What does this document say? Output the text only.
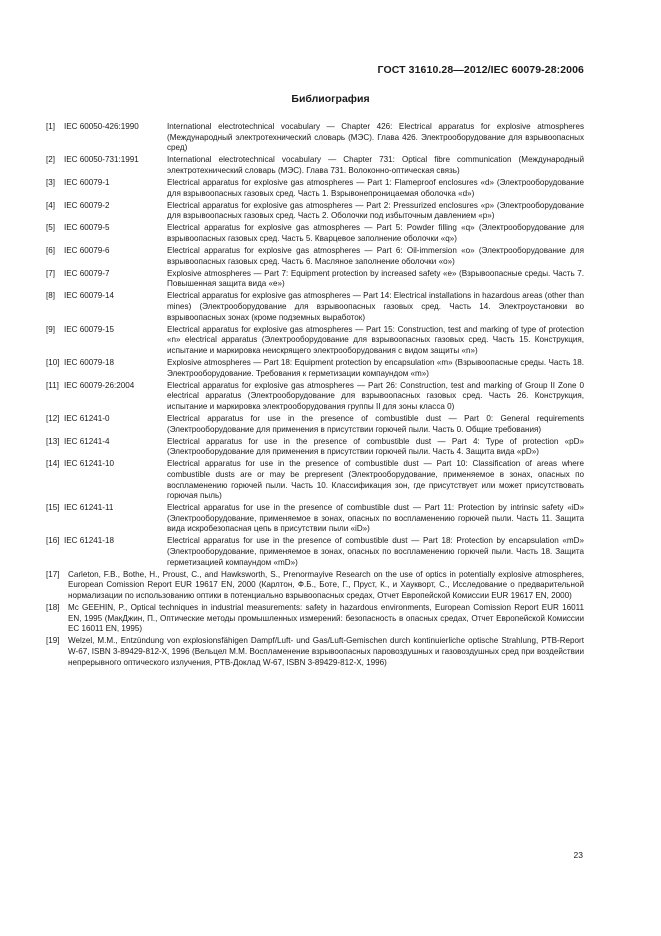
ГОСТ 31610.28—2012/IEC 60079-28:2006
Библиография
[1] IEC 60050-426:1990	International electrotechnical vocabulary — Chapter 426: Electrical apparatus for explosive atmospheres (Международный электротехнический словарь (МЭС). Глава 426. Электрооборудование для взрывоопасных сред)
[2] IEC 60050-731:1991	International electrotechnical vocabulary — Chapter 731: Optical fibre communication (Международный электротехнический словарь (МЭС). Глава 731. Волоконно-оптическая связь)
[3] IEC 60079-1	Electrical apparatus for explosive gas atmospheres — Part 1: Flameproof enclosures «d» (Электрооборудование для взрывоопасных газовых сред. Часть 1. Взрывонепроницаемая оболочка «d»)
[4] IEC 60079-2	Electrical apparatus for explosive gas atmospheres — Part 2: Pressurized enclosures «p» (Электрооборудование для взрывоопасных газовых сред. Часть 2. Оболочки под избыточным давлением «p»)
[5] IEC 60079-5	Electrical apparatus for explosive gas atmospheres — Part 5: Powder filling «q» (Электрооборудование для взрывоопасных газовых сред. Часть 5. Кварцевое заполнение оболочки «q»)
[6] IEC 60079-6	Electrical apparatus for explosive gas atmospheres — Part 6: Oil-immersion «o» (Электрооборудование для взрывоопасных газовых сред. Часть 6. Масляное заполнение оболочки «o»)
[7] IEC 60079-7	Explosive atmospheres — Part 7: Equipment protection by increased safety «e» (Взрывоопасные среды. Часть 7. Повышенная защита вида «e»)
[8] IEC 60079-14	Electrical apparatus for explosive gas atmospheres — Part 14: Electrical installations in hazardous areas (other than mines) (Электрооборудование для взрывоопасных газовых сред. Часть 14. Электроустановки во взрывоопасных зонах (кроме подземных выработок)
[9] IEC 60079-15	Electrical apparatus for explosive gas atmospheres — Part 15: Construction, test and marking of type of protection «n» electrical apparatus (Электрооборудование для взрывоопасных газовых сред. Часть 15. Конструкция, испытание и маркировка неискрящего электрооборудования с видом защиты «n»)
[10] IEC 60079-18	Explosive atmospheres — Part 18: Equipment protection by encapsulation «m» (Взрывоопасные среды. Часть 18. Электрооборудование. Требования к герметизации компаундом «m»)
[11] IEC 60079-26:2004	Electrical apparatus for explosive gas atmospheres — Part 26: Construction, test and marking of Group II Zone 0 electrical apparatus (Электрооборудование для взрывоопасных газовых сред. Часть 26. Конструкция, испытание и маркировка электрооборудования группы II для зоны класса 0)
[12] IEC 61241-0	Electrical apparatus for use in the presence of combustible dust — Part 0: General requirements (Электрооборудование для применения в присутствии горючей пыли. Часть 0. Общие требования)
[13] IEC 61241-4	Electrical apparatus for use in the presence of combustible dust — Part 4: Type of protection «pD» (Электрооборудование для применения в присутствии горючей пыли. Часть 4. Защита вида «pD»)
[14] IEC 61241-10	Electrical apparatus for use in the presence of combustible dust — Part 10: Classification of areas where combustible dusts are or may be prepresent (Электрооборудование, применяемое в зонах, опасных по воспламенению горючей пыли. Часть 10. Классификация зон, где присутствует или может присутствовать горючая пыль)
[15] IEC 61241-11	Electrical apparatus for use in the presence of combustible dust — Part 11: Protection by intrinsic safety «iD» (Электрооборудование, применяемое в зонах, опасных по воспламенению горючей пыли. Часть 11. Защита вида искробезопасная цепь в присутствии пыли «iD»)
[16] IEC 61241-18	Electrical apparatus for use in the presence of combustible dust — Part 18: Protection by encapsulation «mD» (Электрооборудование, применяемое в зонах, опасных по воспламенению горючей пыли. Часть 18. Защита герметизацией компаундом «mD»)
[17] Carleton, F.B., Bothe, H., Proust, C., and Hawksworth, S., Prenormayive Research on the use of optics in potentially explosive atmospheres, European Comission Report EUR 19617 EN, 2000 (Карлтон, Ф.Б., Боте, Г., Пруст, К., и Хаукворт, С., Исследование о предварительной нормализации по использованию оптики в потенциально взрывоопасных средах, Отчет Европейской Комиссии EUR 19617 EN, 2000)
[18] Mc GEEHIN, P., Optical techniques in industrial measurements: safety in hazardous environments, European Comission Report EUR 16011 EN, 1995 (МакДжин, П., Оптические методы промышленных измерений: безопасность в опасных средах, Отчет Европейской Комиссии EC 16011 EN, 1995)
[19] Welzel, M.M., Entzündung von explosionsfähigen Dampf/Luft- und Gas/Luft-Gemischen durch kontinuierliche optische Strahlung, PTB-Report W-67, ISBN 3-89429-812-X, 1996 (Вельцел М.М. Воспламенение взрывоопасных паровоздушных и газовоздушных сред при воздействии непрерывного оптического излучения, PTB-Доклад W-67, ISBN 3-89429-812-X, 1996)
23
